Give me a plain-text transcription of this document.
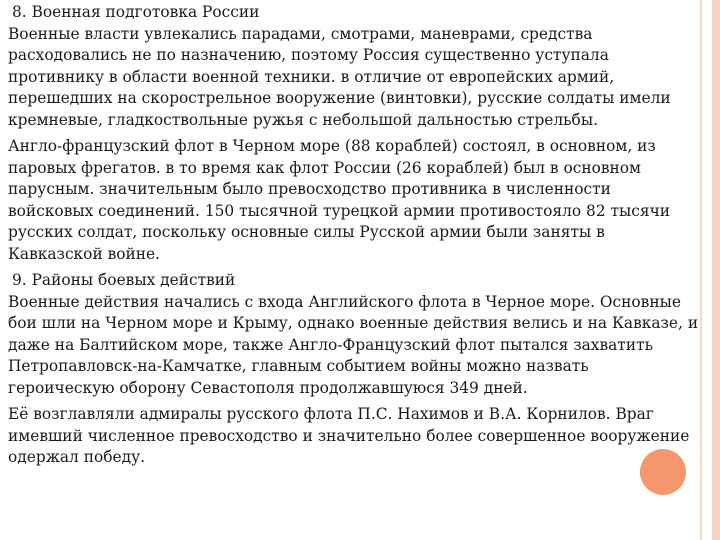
8. Военная подготовка России

Военные власти увлекались парадами, смотрами, маневрами, средства расходовались не по назначению, поэтому Россия существенно уступала противнику в области военной техники. в отличие от европейских армий, перешедших на скорострельное вооружение (винтовки), русские солдаты имели кремневые, гладкоствольные ружья с небольшой дальностью стрельбы.

Англо-французский флот в Черном море (88 кораблей) состоял, в основном, из паровых фрегатов. в то время как флот России (26 кораблей) был в основном парусным. значительным было превосходство противника в численности войсковых соединений. 150 тысячной турецкой армии противостояло 82 тысячи русских солдат, поскольку основные силы Русской армии были заняты в Кавказской войне.

9. Районы боевых действий

Военные действия начались с входа Английского флота в Черное море. Основные бои шли на Черном море и Крыму, однако военные действия велись и на Кавказе, и даже на Балтийском море, также Англо-Французский флот пытался захватить Петропавловск-на-Камчатке, главным событием войны можно назвать героическую оборону Севастополя продолжавшуюся 349 дней.

Её возглавляли адмиралы русского флота П.С. Нахимов и В.А. Корнилов. Враг имевший численное превосходство и значительно более совершенное вооружение одержал победу.
